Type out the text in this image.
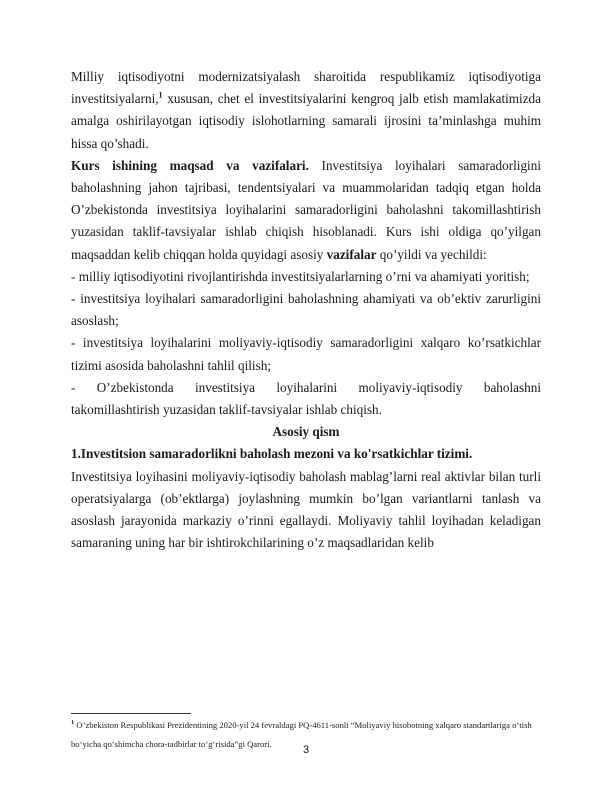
Milliy iqtisodiyotni modernizatsiyalash sharoitida respublikamiz iqtisodiyotiga investitsiyalarni,$^1$ xususan, chet el investitsiyalarini kengroq jalb etish mamlakatimizda amalga oshirilayotgan iqtisodiy islohotlarning samarali ijrosini ta’minlashga muhim hissa qo’shadi.

Kurs ishining maqsad va vazifalari. Investitsiya loyihalari samaradorligini baholashning jahon tajribasi, tendentsiyalari va muammolaridan tadqiq etgan holda O’zbekistonda investitsiya loyihalarini samaradorligini baholashni takomillashtirish yuzasidan taklif-tavsiyalar ishlab chiqish hisoblanadi. Kurs ishi oldiga qo’yilgan maqsaddan kelib chiqqan holda quyidagi asosiy vazifalar qo’yildi va yechildi:

- milliy iqtisodiyotini rivojlantirishda investitsiyalarlarning o’rni va ahamiyati yoritish;

- investitsiya loyihalari samaradorligini baholashning ahamiyati va ob’ektiv zarurligini asoslash;

- investitsiya loyihalarini moliyaviy-iqtisodiy samaradorligini xalqaro ko’rsatkichlar tizimi asosida baholashni tahlil qilish;

- O’zbekistonda investitsiya loyihalarini moliyaviy-iqtisodiy baholashni takomillashtirish yuzasidan taklif-tavsiyalar ishlab chiqish.

Asosiy qism

1.Investitsion samaradorlikni baholash mezoni va ko'rsatkichlar tizimi.

Investitsiya loyihasini moliyaviy-iqtisodiy baholash mablag’larni real aktivlar bilan turli operatsiyalarga (ob’ektlarga) joylashning mumkin bo’lgan variantlarni tanlash va asoslash jarayonida markaziy o’rinni egallaydi. Moliyaviy tahlil loyihadan keladigan samaraning uning har bir ishtirokchilarining o’z maqsadlaridan kelib

$^1$ O’zbekiston Respublikasi Prezidentining 2020-yil 24 fevraldagi PQ-4611-sonli “Moliyaviy hisobotning xalqaro standartlariga o‘tish bo‘yicha qo‘shimcha chora-tadbirlar to‘g‘risida”gi Qarori.	3
